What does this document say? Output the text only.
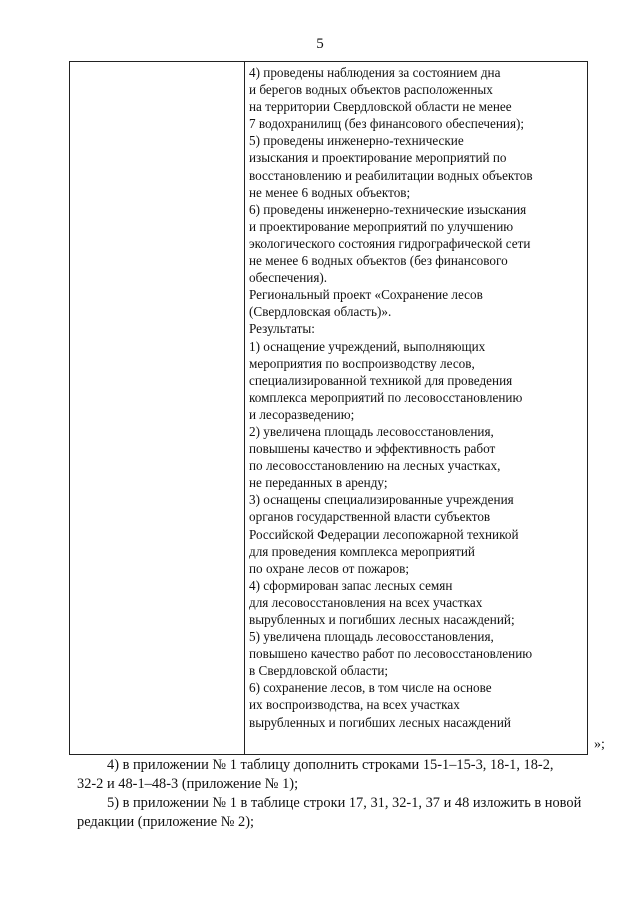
5

4) проведены наблюдения за состоянием дна

и берегов водных объектов расположенных

на территории Свердловской области не менее

7 водохранилищ (без финансового обеспечения);

5) проведены инженерно-технические

изыскания и проектирование мероприятий по

восстановлению и реабилитации водных объектов

не менее 6 водных объектов;

6) проведены инженерно-технические изыскания

и проектирование мероприятий по улучшению

экологического состояния гидрографической сети

не менее 6 водных объектов (без финансового

обеспечения).

Региональный проект «Сохранение лесов

(Свердловская область)».

Результаты:

1) оснащение учреждений, выполняющих

мероприятия по воспроизводству лесов,

специализированной техникой для проведения

комплекса мероприятий по лесовосстановлению

и лесоразведению;

2) увеличена площадь лесовосстановления,

повышены качество и эффективность работ

по лесовосстановлению на лесных участках,

не переданных в аренду;

3) оснащены специализированные учреждения

органов государственной власти субъектов

Российской Федерации лесопожарной техникой

для проведения комплекса мероприятий

по охране лесов от пожаров;

4) сформирован запас лесных семян

для лесовосстановления на всех участках

вырубленных и погибших лесных насаждений;

5) увеличена площадь лесовосстановления,

повышено качество работ по лесовосстановлению

в Свердловской области;

6) сохранение лесов, в том числе на основе

их воспроизводства, на всех участках

вырубленных и погибших лесных насаждений

»;

4) в приложении № 1 таблицу дополнить строками 15-1–15-3, 18-1, 18-2,
32-2 и 48-1–48-3 (приложение № 1);

5) в приложении № 1 в таблице строки 17, 31, 32-1, 37 и 48 изложить в новой
редакции (приложение № 2);
